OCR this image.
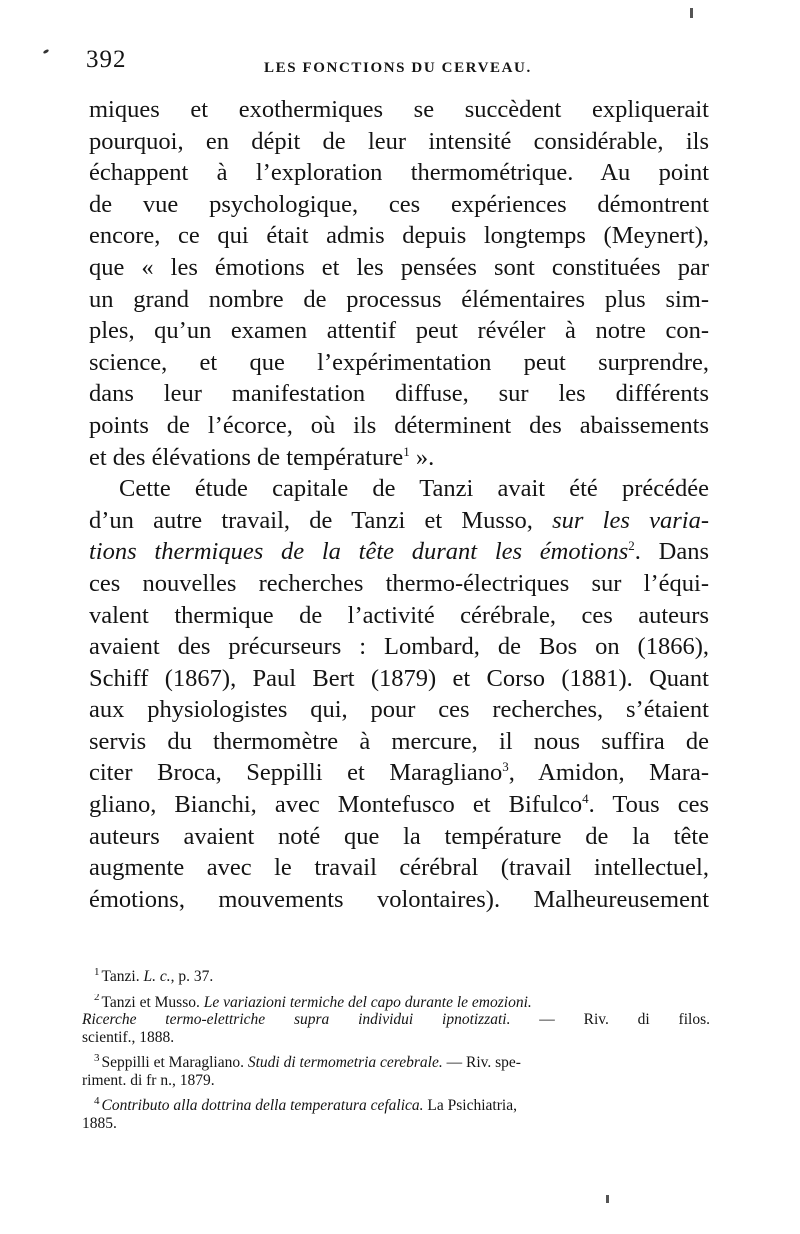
392	LES FONCTIONS DU CERVEAU.
miques et exothermiques se succèdent expliquerait
pourquoi, en dépit de leur intensité considérable, ils
échappent à l’exploration thermométrique. Au point
de vue psychologique, ces expériences démontrent
encore, ce qui était admis depuis longtemps (Meynert),
que « les émotions et les pensées sont constituées par
un grand nombre de processus élémentaires plus sim-
ples, qu’un examen attentif peut révéler à notre con-
science, et que l’expérimentation peut surprendre,
dans leur manifestation diffuse, sur les différents
points de l’écorce, où ils déterminent des abaissements
et des élévations de température$^1$ ».
Cette étude capitale de Tanzi avait été précédée
d’un autre travail, de Tanzi et Musso, sur les varia-
tions thermiques de la tête durant les émotions$^2$. Dans
ces nouvelles recherches thermo-électriques sur l’équi-
valent thermique de l’activité cérébrale, ces auteurs
avaient des précurseurs : Lombard, de Bos on (1866),
Schiff (1867), Paul Bert (1879) et Corso (1881). Quant
aux physiologistes qui, pour ces recherches, s’étaient
servis du thermomètre à mercure, il nous suffira de
citer Broca, Seppilli et Maragliano$^3$, Amidon, Mara-
gliano, Bianchi, avec Montefusco et Bifulco$^4$. Tous ces
auteurs avaient noté que la température de la tête
augmente avec le travail cérébral (travail intellectuel,
émotions, mouvements volontaires). Malheureusement
$^1$ Tanzi. L. c., p. 37.
$^2$ Tanzi et Musso. Le variazioni termiche del capo durante le emozioni.
Ricerche termo-elettriche supra individui ipnotizzati. — Riv. di filos.
scientif., 1888.
$^3$ Seppilli et Maragliano. Studi di termometria cerebrale. — Riv. spe-
riment. di fr n., 1879.
$^4$ Contributo alla dottrina della temperatura cefalica. La Psichiatria,
1885.
